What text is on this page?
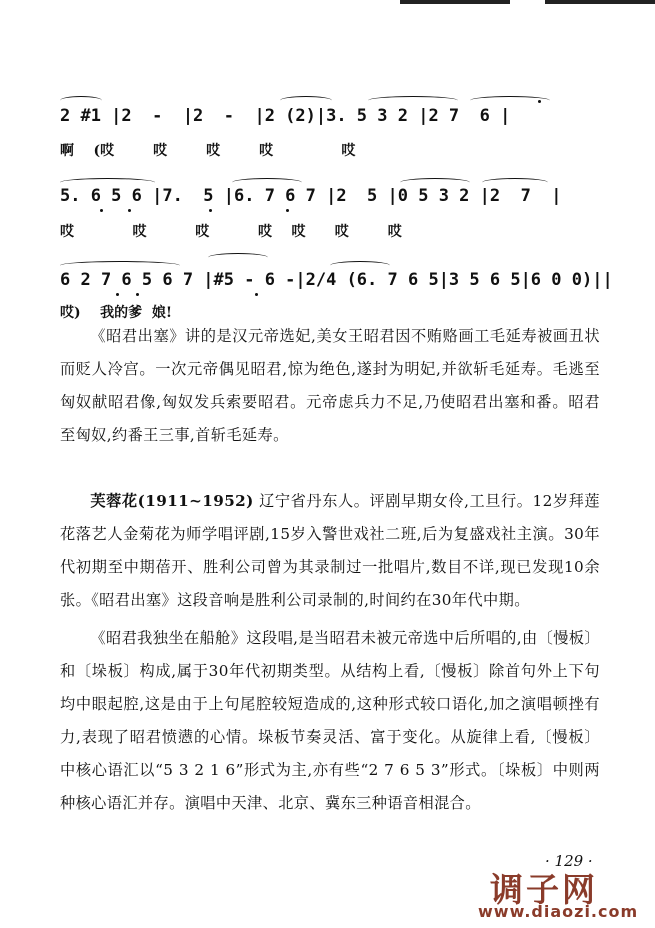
2 #1 |2  -  |2  -  |2 (2)|3. 5 3 2 |2 7  6 |
啊    (哎        哎        哎        哎              哎
5. 6 5 6 |7.  5 |6. 7 6 7 |2  5 |0 5 3 2 |2  7  |
哎            哎          哎          哎    哎      哎        哎
6 2 7 6 5 6 7 |#5 - 6 -|2/4 (6. 7 6 5|3 5 6 5|6 0 0)||
哎)    我的爹  娘!
《昭君出塞》讲的是汉元帝选妃,美女王昭君因不贿赂画工毛延寿被画丑状而贬人冷宫。一次元帝偶见昭君,惊为绝色,遂封为明妃,并欲斩毛延寿。毛逃至匈奴献昭君像,匈奴发兵索要昭君。元帝虑兵力不足,乃使昭君出塞和番。昭君至匈奴,约番王三事,首斩毛延寿。
芙蓉花(1911~1952) 辽宁省丹东人。评剧早期女伶,工旦行。12岁拜莲花落艺人金菊花为师学唱评剧,15岁入警世戏社二班,后为复盛戏社主演。30年代初期至中期蓓开、胜利公司曾为其录制过一批唱片,数目不详,现已发现10余张。《昭君出塞》这段音响是胜利公司录制的,时间约在30年代中期。
《昭君我独坐在船舱》这段唱,是当昭君未被元帝选中后所唱的,由〔慢板〕和〔垛板〕构成,属于30年代初期类型。从结构上看,〔慢板〕除首句外上下句均中眼起腔,这是由于上句尾腔较短造成的,这种形式较口语化,加之演唱顿挫有力,表现了昭君愤懑的心情。垛板节奏灵活、富于变化。从旋律上看,〔慢板〕中核心语汇以“5 3 2 1 6”形式为主,亦有些“2 7 6 5 3”形式。〔垛板〕中则两种核心语汇并存。演唱中天津、北京、冀东三种语音相混合。
· 129 ·
调子网
www.diaozi.com
